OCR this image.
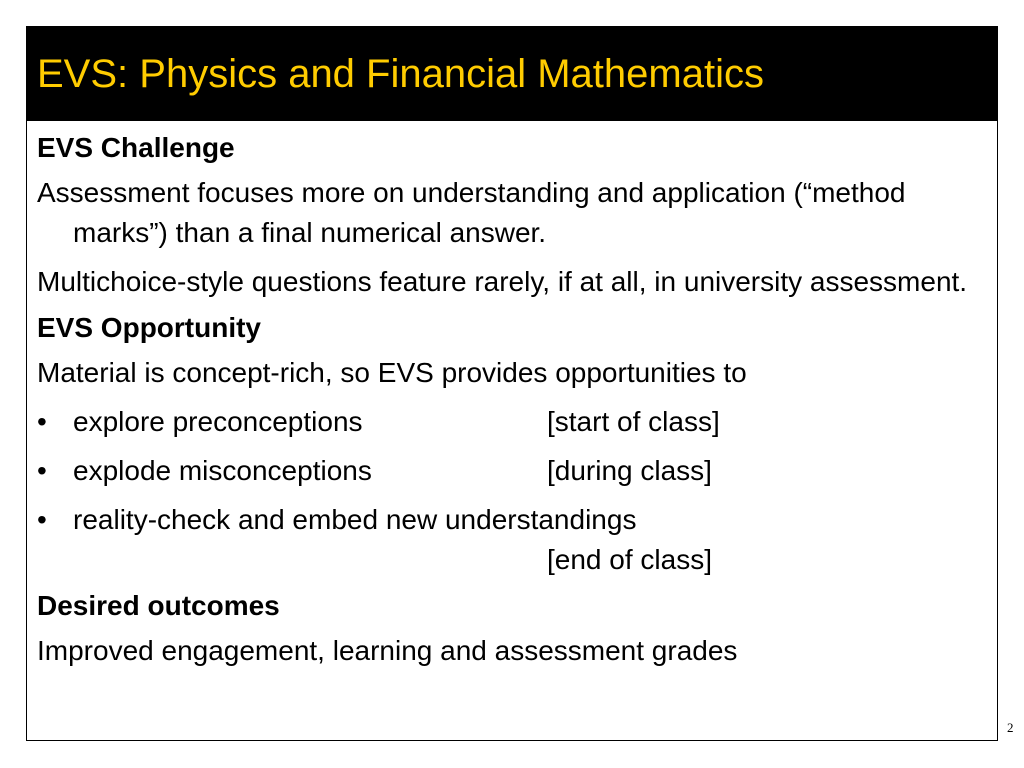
EVS: Physics and Financial Mathematics
EVS Challenge
Assessment focuses more on understanding and application (“method marks”) than a final numerical answer.
Multichoice-style questions feature rarely, if at all, in university assessment.
EVS Opportunity
Material is concept-rich, so EVS provides opportunities to
• explore preconceptions	[start of class]
• explode misconceptions	[during class]
• reality-check and embed new understandings
[end of class]
Desired outcomes
Improved engagement, learning and assessment grades
2
